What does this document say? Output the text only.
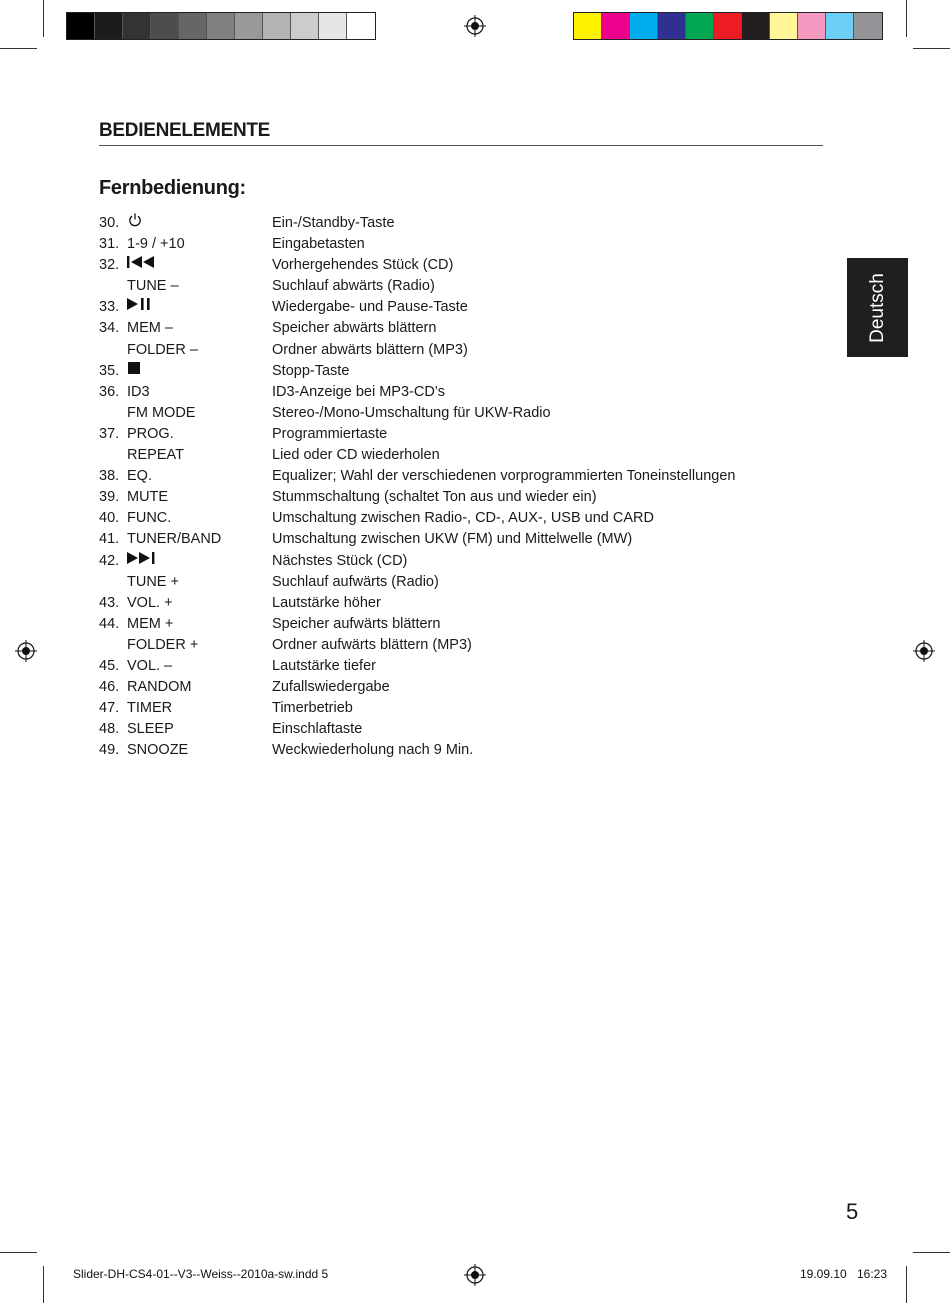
BEDIENELEMENTE
Fernbedienung:
Deutsch
30.	Ein-/Standby-Taste
31. 1-9 / +10	Eingabetasten
32.	Vorhergehendes Stück (CD)
TUNE –	Suchlauf abwärts (Radio)
33.	Wiedergabe- und Pause-Taste
34. MEM –	Speicher abwärts blättern
FOLDER –	Ordner abwärts blättern (MP3)
35.	Stopp-Taste
36. ID3	ID3-Anzeige bei MP3-CD’s
FM MODE	Stereo-/Mono-Umschaltung für UKW-Radio
37. PROG.	Programmiertaste
REPEAT	Lied oder CD wiederholen
38. EQ.	Equalizer; Wahl der verschiedenen vorprogrammierten Toneinstellungen
39. MUTE	Stummschaltung (schaltet Ton aus und wieder ein)
40. FUNC.	Umschaltung zwischen Radio-, CD-, AUX-, USB und CARD
41. TUNER/BAND	Umschaltung zwischen UKW (FM) und Mittelwelle (MW)
42.	Nächstes Stück (CD)
TUNE +	Suchlauf aufwärts (Radio)
43. VOL. +	Lautstärke höher
44. MEM +	Speicher aufwärts blättern
FOLDER +	Ordner aufwärts blättern (MP3)
45. VOL. –	Lautstärke tiefer
46. RANDOM	Zufallswiedergabe
47. TIMER	Timerbetrieb
48. SLEEP	Einschlaftaste
49. SNOOZE	Weckwiederholung nach 9 Min.
5
Slider-DH-CS4-01--V3--Weiss--2010a-sw.indd 5	19.09.10 16:23
